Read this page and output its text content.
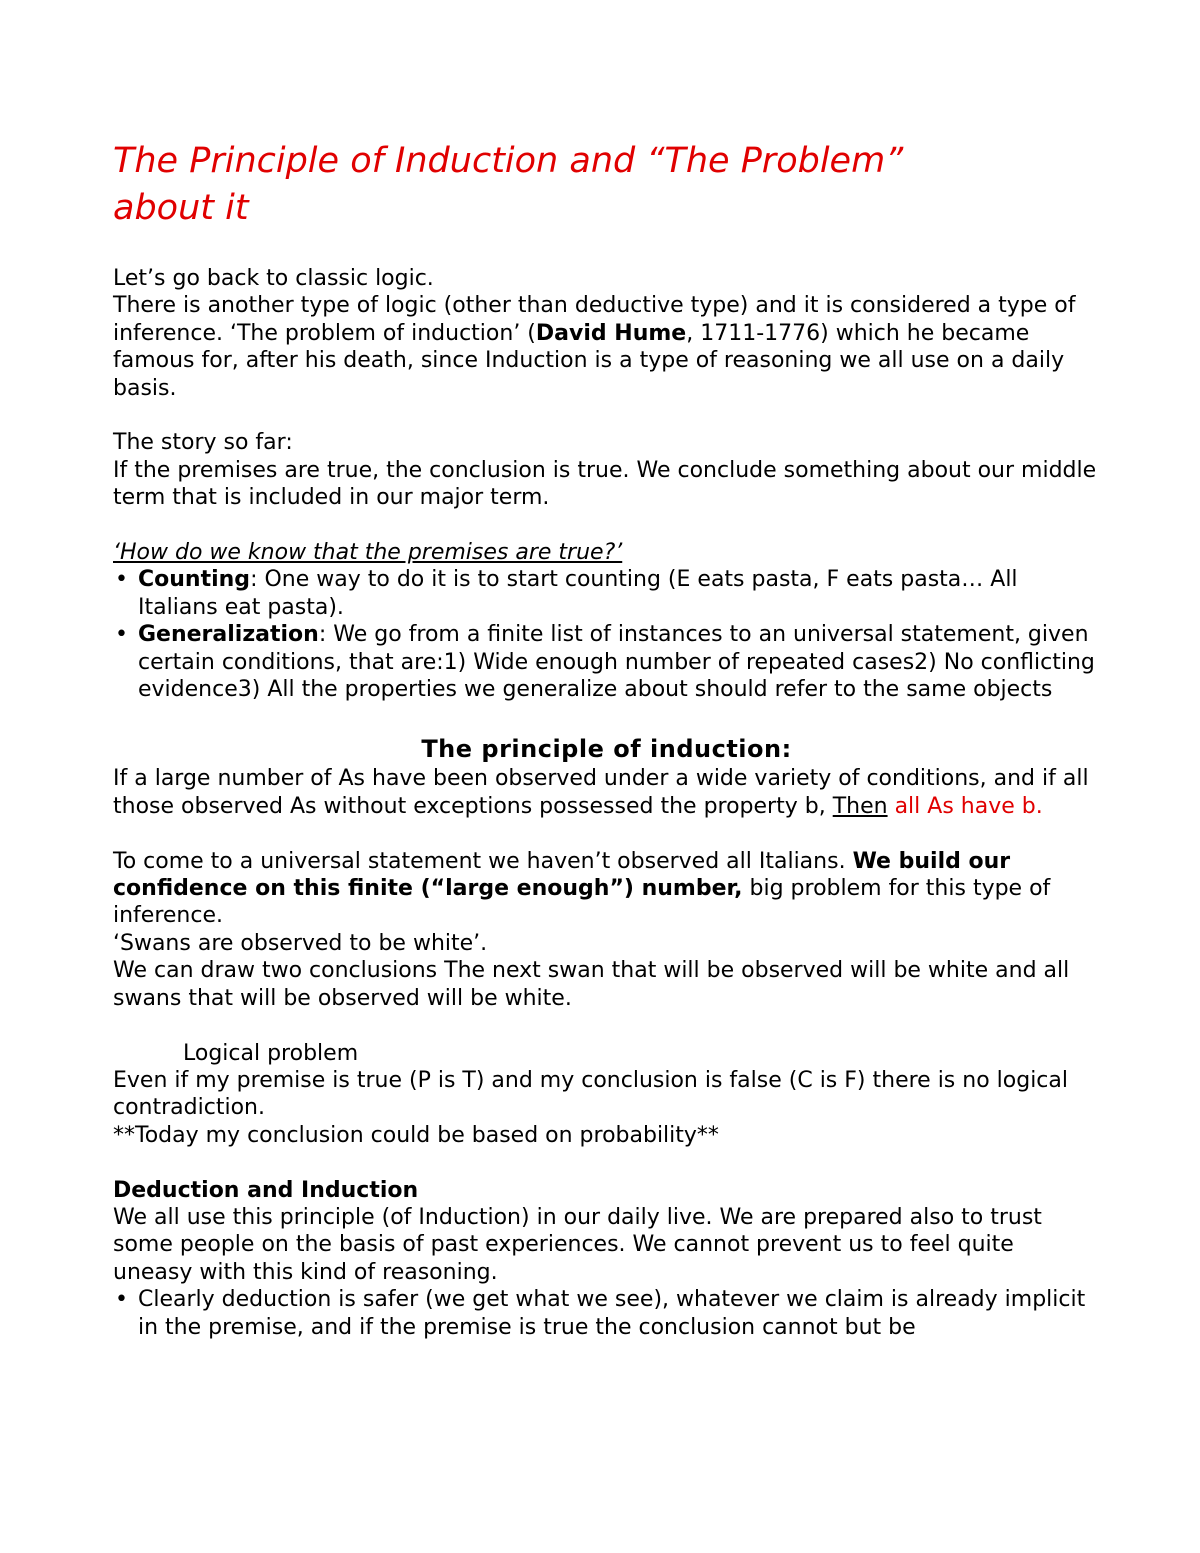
The Principle of Induction and “The Problem” about it

Let’s go back to classic logic.

There is another type of logic (other than deductive type) and it is considered a type of inference. ‘The problem of induction’ (David Hume, 1711-1776) which he became famous for, after his death, since Induction is a type of reasoning we all use on a daily basis.

The story so far:

If the premises are true, the conclusion is true. We conclude something about our middle term that is included in our major term.

‘How do we know that the premises are true?’

• Counting: One way to do it is to start counting (E eats pasta, F eats pasta… All Italians eat pasta).
• Generalization: We go from a finite list of instances to an universal statement, given certain conditions, that are:1) Wide enough number of repeated cases2) No conflicting evidence3) All the properties we generalize about should refer to the same objects

The principle of induction:

If a large number of As have been observed under a wide variety of conditions, and if all those observed As without exceptions possessed the property b, Then all As have b.

To come to a universal statement we haven’t observed all Italians. We build our confidence on this finite (“large enough”) number, big problem for this type of inference.

‘Swans are observed to be white’.

We can draw two conclusions The next swan that will be observed will be white and all swans that will be observed will be white.

Logical problem

Even if my premise is true (P is T) and my conclusion is false (C is F) there is no logical contradiction.

**Today my conclusion could be based on probability**

Deduction and Induction

We all use this principle (of Induction) in our daily live. We are prepared also to trust some people on the basis of past experiences. We cannot prevent us to feel quite uneasy with this kind of reasoning.

• Clearly deduction is safer (we get what we see), whatever we claim is already implicit in the premise, and if the premise is true the conclusion cannot but be
